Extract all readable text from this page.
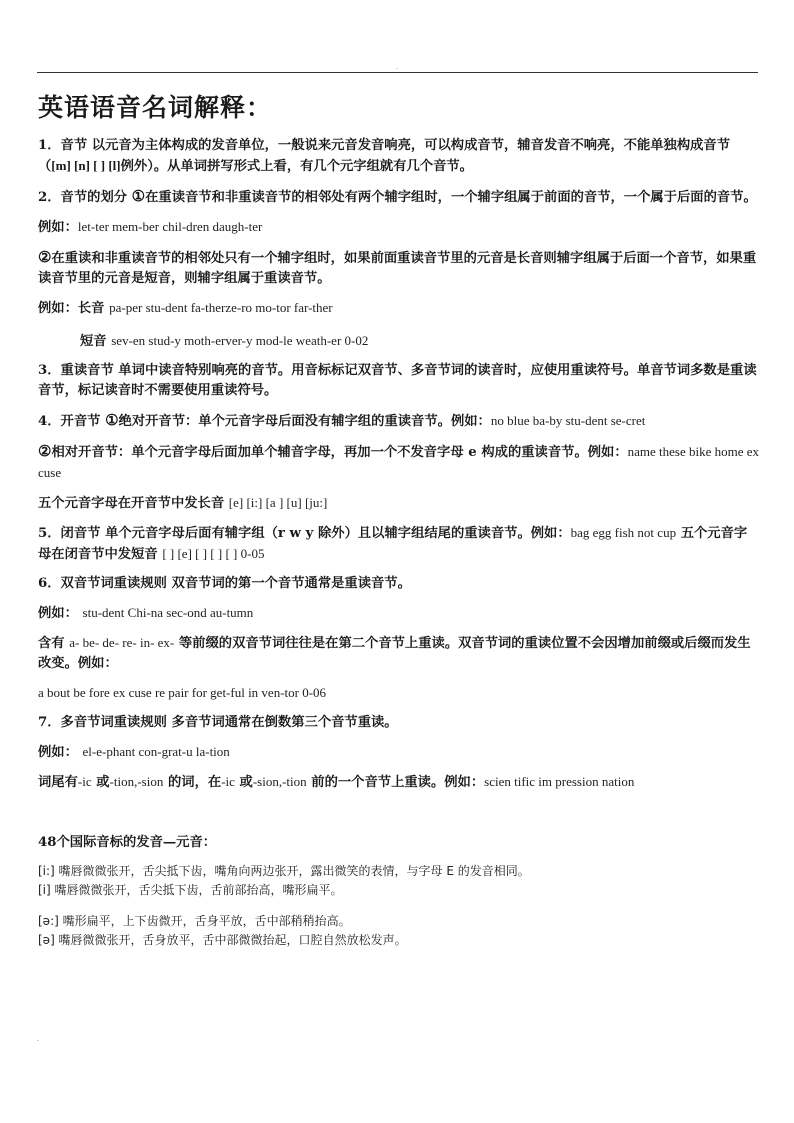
.
英语语音名词解释：

1．音节 以元音为主体构成的发音单位，一般说来元音发音响亮，可以构成音节，辅音发音不响亮，不能单独构成音节（[m] [n] [ ] [l]例外）。从单词拼写形式上看，有几个元字组就有几个音节。

2．音节的划分 ①在重读音节和非重读音节的相邻处有两个辅字组时，一个辅字组属于前面的音节，一个属于后面的音节。

例如：let-ter mem-ber chil-dren daugh-ter

②在重读和非重读音节的相邻处只有一个辅字组时，如果前面重读音节里的元音是长音则辅字组属于后面一个音节，如果重读音节里的元音是短音，则辅字组属于重读音节。

例如：长音 pa-per stu-dent fa-therze-ro mo-tor far-ther

短音 sev-en stud-y moth-erver-y mod-le weath-er 0-02

3．重读音节 单词中读音特别响亮的音节。用音标标记双音节、多音节词的读音时，应使用重读符号。单音节词多数是重读音节，标记读音时不需要使用重读符号。

4．开音节 ①绝对开音节：单个元音字母后面没有辅字组的重读音节。例如：no blue ba-by stu-dent se-cret

②相对开音节：单个元音字母后面加单个辅音字母，再加一个不发音字母 e 构成的重读音节。例如：name these bike home ex cuse

五个元音字母在开音节中发长音 [e] [i:] [a ] [u] [ju:]

5．闭音节 单个元音字母后面有辅字组（r w y 除外）且以辅字组结尾的重读音节。例如：bag egg fish not cup 五个元音字母在闭音节中发短音 [ ] [e] [ ] [ ] [ ] 0-05

6．双音节词重读规则 双音节词的第一个音节通常是重读音节。

例如： stu-dent Chi-na sec-ond au-tumn

含有 a- be- de- re- in- ex- 等前缀的双音节词往往是在第二个音节上重读。双音节词的重读位置不会因增加前缀或后缀而发生改变。例如：

a bout be fore ex cuse re pair for get-ful in ven-tor 0-06

7．多音节词重读规则 多音节词通常在倒数第三个音节重读。

例如： el-e-phant con-grat-u la-tion

词尾有-ic 或-tion,-sion 的词，在-ic 或-sion,-tion 前的一个音节上重读。例如：scien tific im pression nation

48个国际音标的发音—元音：

[i:] 嘴唇微微张开，舌尖抵下齿，嘴角向两边张开，露出微笑的表情，与字母 E 的发音相同。

[i] 嘴唇微微张开，舌尖抵下齿，舌前部抬高，嘴形扁平。

[ə:] 嘴形扁平，上下齿微开，舌身平放，舌中部稍稍抬高。

[ə] 嘴唇微微张开，舌身放平，舌中部微微抬起，口腔自然放松发声。

.
